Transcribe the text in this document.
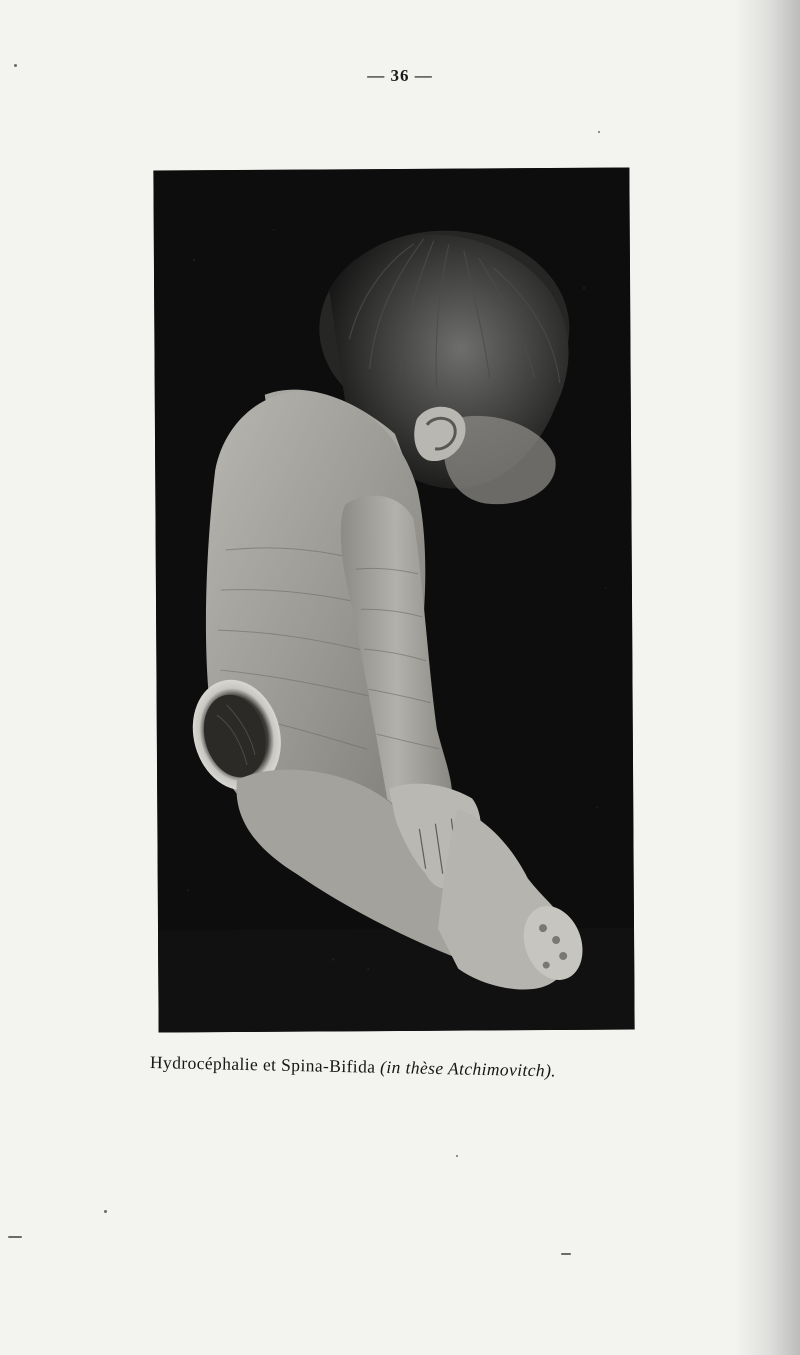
— 36 —
Hydrocéphalie et Spina-Bifida (in thèse Atchimovitch).
